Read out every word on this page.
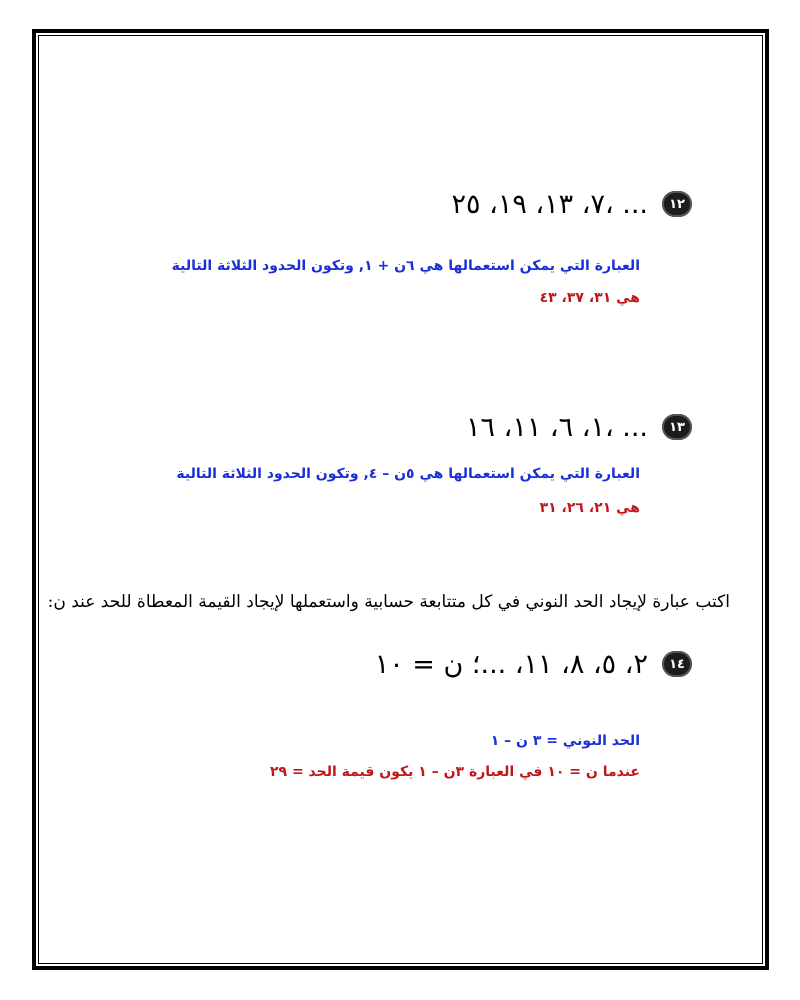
٧، ١٣، ١٩، ٢٥، ...	١٢
العبارة التي يمكن استعمالها هي ٦ن + ١, وتكون الحدود الثلاثة التالية
هي ٣١، ٣٧، ٤٣
١، ٦، ١١، ١٦، ...	١٣
العبارة التي يمكن استعمالها هي ٥ن – ٤, وتكون الحدود الثلاثة التالية
هي ٢١، ٢٦، ٣١
اكتب عبارة لإيجاد الحد النوني في كل متتابعة حسابية واستعملها لإيجاد القيمة المعطاة للحد عند ن:
٢، ٥، ٨، ١١، ...؛ ن = ١٠	١٤
الحد النوني = ٣ ن – ١
عندما ن = ١٠ في العبارة ٣ن – ١ يكون قيمة الحد = ٢٩
